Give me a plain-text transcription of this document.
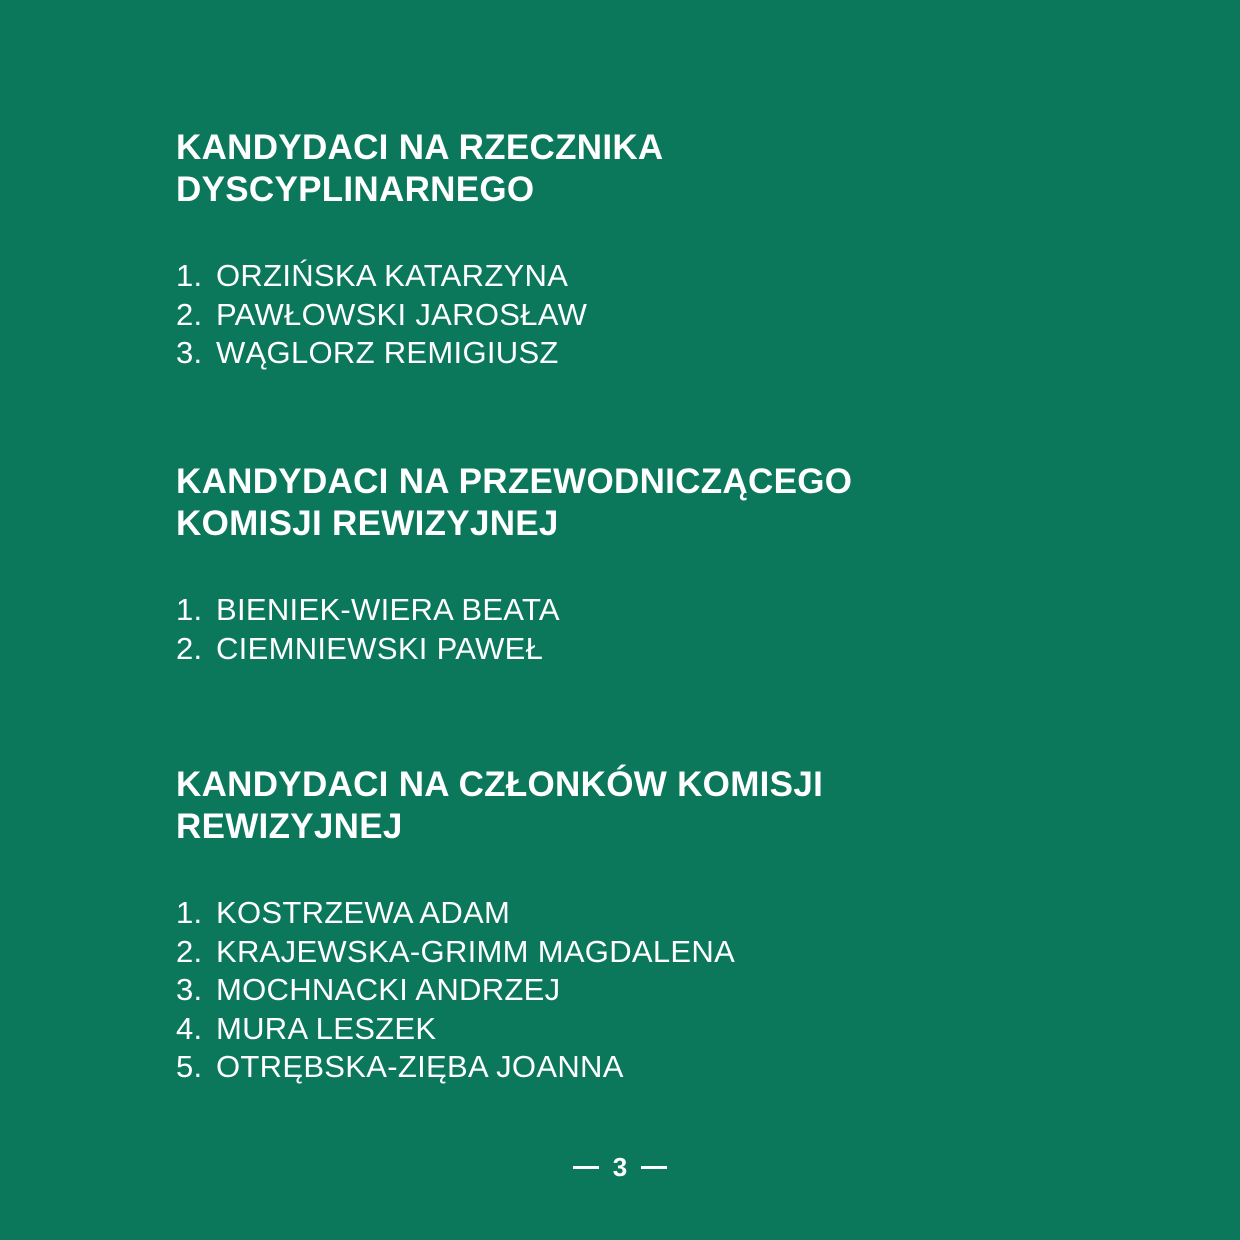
KANDYDACI NA RZECZNIKA
DYSCYPLINARNEGO
1. ORZIŃSKA KATARZYNA
2. PAWŁOWSKI JAROSŁAW
3. WĄGLORZ REMIGIUSZ
KANDYDACI NA PRZEWODNICZĄCEGO
KOMISJI REWIZYJNEJ
1. BIENIEK-WIERA BEATA
2. CIEMNIEWSKI PAWEŁ
KANDYDACI NA CZŁONKÓW KOMISJI
REWIZYJNEJ
1. KOSTRZEWA ADAM
2. KRAJEWSKA-GRIMM MAGDALENA
3. MOCHNACKI ANDRZEJ
4. MURA LESZEK
5. OTRĘBSKA-ZIĘBA JOANNA
3
